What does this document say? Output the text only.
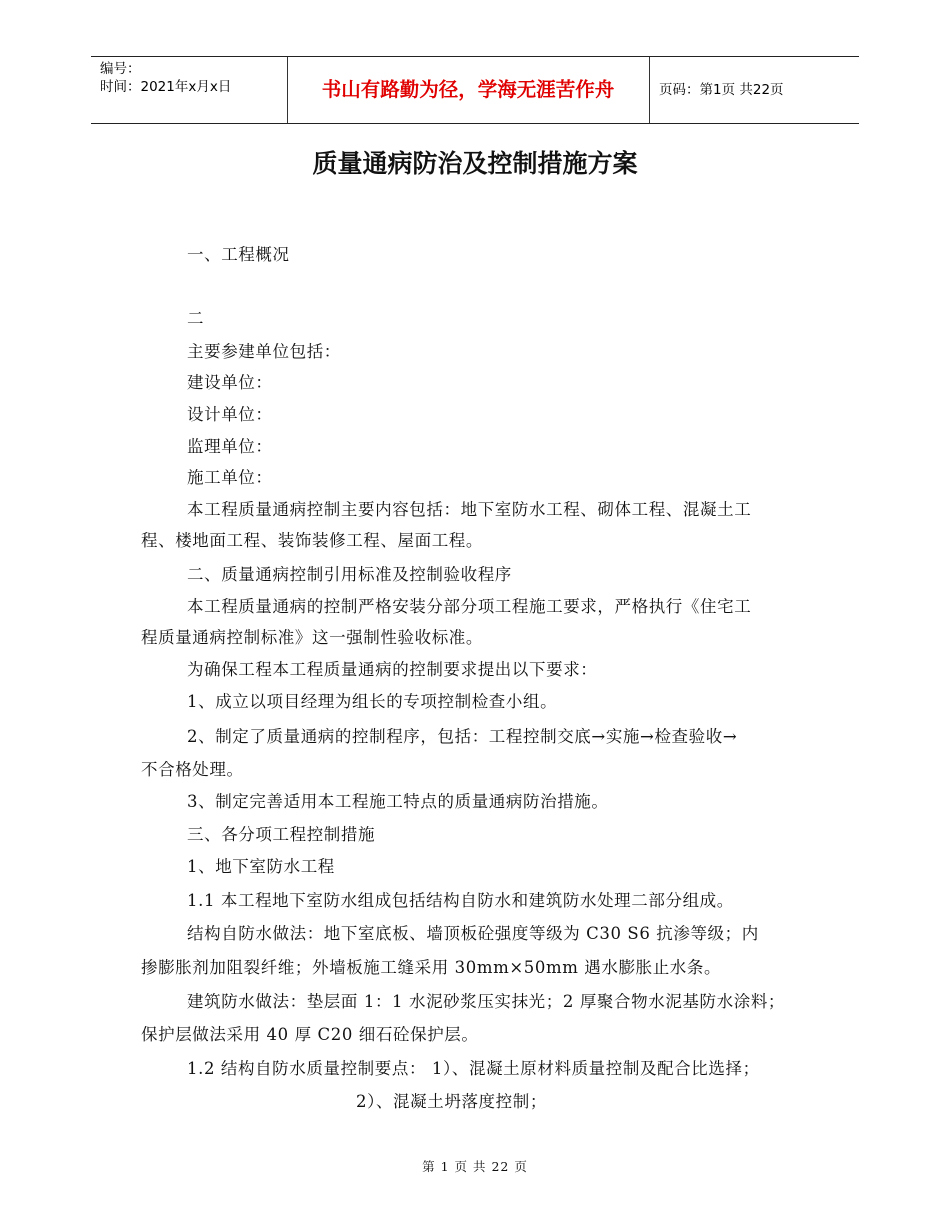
编号：
时间：2021年x月x日	书山有路勤为径，学海无涯苦作舟	页码：第1页 共22页
质量通病防治及控制措施方案
一、工程概况
二
主要参建单位包括：
建设单位：
设计单位：
监理单位：
施工单位：
本工程质量通病控制主要内容包括：地下室防水工程、砌体工程、混凝土工
程、楼地面工程、装饰装修工程、屋面工程。
二、质量通病控制引用标准及控制验收程序
本工程质量通病的控制严格安装分部分项工程施工要求，严格执行《住宅工
程质量通病控制标准》这一强制性验收标准。
为确保工程本工程质量通病的控制要求提出以下要求：
1、成立以项目经理为组长的专项控制检查小组。
2、制定了质量通病的控制程序，包括：工程控制交底→实施→检查验收→
不合格处理。
3、制定完善适用本工程施工特点的质量通病防治措施。
三、各分项工程控制措施
1、地下室防水工程
1.1 本工程地下室防水组成包括结构自防水和建筑防水处理二部分组成。
结构自防水做法：地下室底板、墙顶板砼强度等级为 C30 S6 抗渗等级；内
掺膨胀剂加阻裂纤维；外墙板施工缝采用 30mm×50mm 遇水膨胀止水条。
建筑防水做法：垫层面 1：1 水泥砂浆压实抹光；2 厚聚合物水泥基防水涂料；
保护层做法采用 40 厚 C20 细石砼保护层。
1.2 结构自防水质量控制要点： 1）、混凝土原材料质量控制及配合比选择；
2）、混凝土坍落度控制；
第 1 页 共 22 页
